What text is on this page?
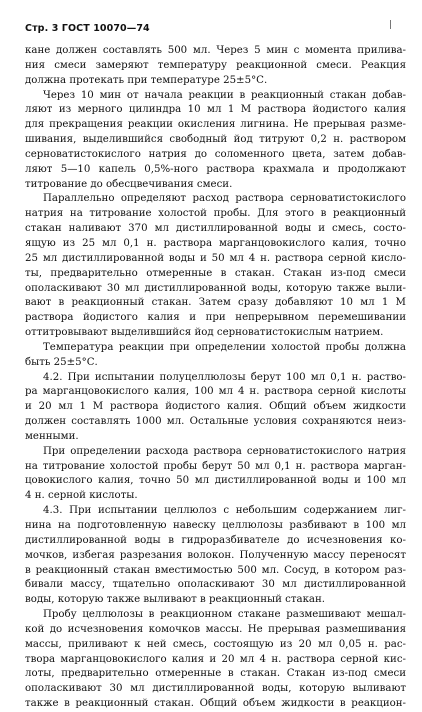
Стр. 3 ГОСТ 10070—74
кане должен составлять 500 мл. Через 5 мин с момента прилива-
ния смеси замеряют температуру реакционной смеси. Реакция
должна протекать при температуре 25±5°С.
Через 10 мин от начала реакции в реакционный стакан добав-
ляют из мерного цилиндра 10 мл 1 М раствора йодистого калия
для прекращения реакции окисления лигнина. Не прерывая разме-
шивания, выделившийся свободный йод титруют 0,2 н. раствором
серноватистокислого натрия до соломенного цвета, затем добав-
ляют 5—10 капель 0,5%-ного раствора крахмала и продолжают
титрование до обесцвечивания смеси.
Параллельно определяют расход раствора серноватистокислого
натрия на титрование холостой пробы. Для этого в реакционный
стакан наливают 370 мл дистиллированной воды и смесь, состо-
ящую из 25 мл 0,1 н. раствора марганцовокислого калия, точно
25 мл дистиллированной воды и 50 мл 4 н. раствора серной кисло-
ты, предварительно отмеренные в стакан. Стакан из-под смеси
ополаскивают 30 мл дистиллированной воды, которую также выли-
вают в реакционный стакан. Затем сразу добавляют 10 мл 1 М
раствора йодистого калия и при непрерывном перемешивании
оттитровывают выделившийся йод серноватистокислым натрием.
Температура реакции при определении холостой пробы должна
быть 25±5°С.
4.2. При испытании полуцеллюлозы берут 100 мл 0,1 н. раство-
ра марганцовокислого калия, 100 мл 4 н. раствора серной кислоты
и 20 мл 1 М раствора йодистого калия. Общий объем жидкости
должен составлять 1000 мл. Остальные условия сохраняются неиз-
менными.
При определении расхода раствора серноватистокислого натрия
на титрование холостой пробы берут 50 мл 0,1 н. раствора марган-
цовокислого калия, точно 50 мл дистиллированной воды и 100 мл
4 н. серной кислоты.
4.3. При испытании целлюлоз с небольшим содержанием лиг-
нина на подготовленную навеску целлюлозы разбивают в 100 мл
дистиллированной воды в гидроразбивателе до исчезновения ко-
мочков, избегая разрезания волокон. Полученную массу переносят
в реакционный стакан вместимостью 500 мл. Сосуд, в котором раз-
бивали массу, тщательно ополаскивают 30 мл дистиллированной
воды, которую также выливают в реакционный стакан.
Пробу целлюлозы в реакционном стакане размешивают мешал-
кой до исчезновения комочков массы. Не прерывая размешивания
массы, приливают к ней смесь, состоящую из 20 мл 0,05 н. рас-
твора марганцовокислого калия и 20 мл 4 н. раствора серной кис-
лоты, предварительно отмеренные в стакан. Стакан из-под смеси
ополаскивают 30 мл дистиллированной воды, которую выливают
также в реакционный стакан. Общий объем жидкости в реакцион-
